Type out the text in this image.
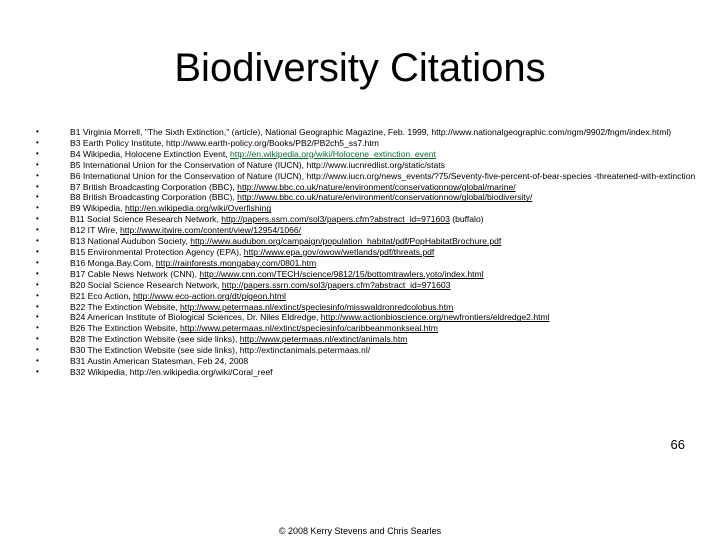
Biodiversity Citations
•	B1 Virginia Morrell, "The Sixth Extinction," (article), National Geographic Magazine, Feb. 1999, http://www.nationalgeographic.com/ngm/9902/fngm/index.html)
•	B3 Earth Policy Institute, http://www.earth-policy.org/Books/PB2/PB2ch5_ss7.htm
•	B4 Wikipedia, Holocene Extinction Event, http://en.wikipedia.org/wiki/Holocene_extinction_event
•	B5 International Union for the Conservation of Nature (IUCN), http://www.iucnredlist.org/static/stats
•	B6 International Union for the Conservation of Nature (IUCN), http://www.iucn.org/news_events/?75/Seventy-five-percent-of-bear-species -threatened-with-extinction
•	B7 British Broadcasting Corporation (BBC), http://www.bbc.co.uk/nature/environment/conservationnow/global/marine/
•	B8 British Broadcasting Corporation (BBC), http://www.bbc.co.uk/nature/environment/conservationnow/global/biodiversity/
•	B9 Wikipedia, http://en.wikipedia.org/wiki/Overfishing
•	B11 Social Science Research Network, http://papers.ssrn.com/sol3/papers.cfm?abstract_id=971603 (buffalo)
•	B12 IT Wire, http://www.itwire.com/content/view/12954/1066/
•	B13 National Audubon Society, http://www.audubon.org/campaign/population_habitat/pdf/PopHabitatBrochure.pdf
•	B15 Environmental Protection Agency (EPA), http://www.epa.gov/owow/wetlands/pdf/threats.pdf
•	B16 Monga.Bay.Com, http://rainforests.mongabay.com/0801.htm
•	B17 Cable News Network (CNN), http://www.cnn.com/TECH/science/9812/15/bottomtrawlers.yoto/index.html
•	B20 Social Science Research Network, http://papers.ssrn.com/sol3/papers.cfm?abstract_id=971603
•	B21 Eco Action, http://www.eco-action.org/dt/pigeon.html
•	B22 The Extinction Website, http://www.petermaas.nl/extinct/speciesinfo/misswaldronredcolobus.htm
•	B24 American Institute of Biological Sciences, Dr. Niles Eldredge, http://www.actionbioscience.org/newfrontiers/eldredge2.html
•	B26 The Extinction Website, http://www.petermaas.nl/extinct/speciesinfo/caribbeanmonkseal.htm
•	B28 The Extinction Website (see side links), http://www.petermaas.nl/extinct/animals.htm
•	B30 The Extinction Website (see side links), http://extinctanimals.petermaas.nl/
•	B31 Austin American Statesman, Feb 24, 2008
•	B32 Wikipedia, http://en.wikipedia.org/wiki/Coral_reef
66
© 2008 Kerry Stevens and Chris Searles
